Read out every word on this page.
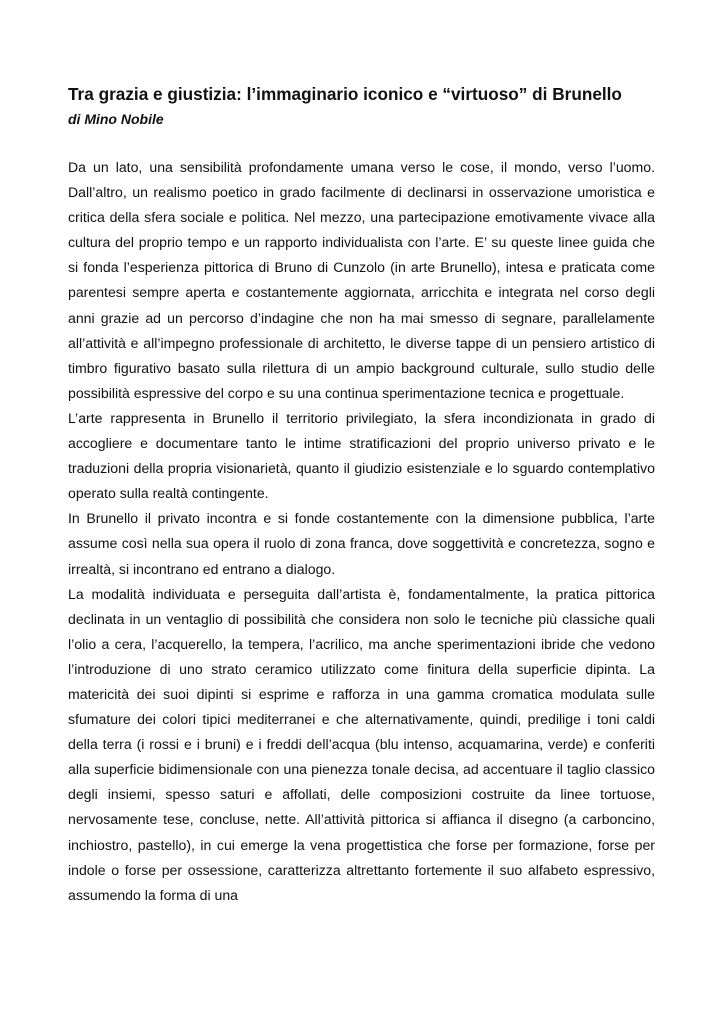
Tra grazia e giustizia: l’immaginario iconico e “virtuoso” di Brunello

di Mino Nobile

Da un lato, una sensibilità profondamente umana verso le cose, il mondo, verso l’uomo. Dall’altro, un realismo poetico in grado facilmente di declinarsi in osservazione umoristica e critica della sfera sociale e politica. Nel mezzo, una partecipazione emotivamente vivace alla cultura del proprio tempo e un rapporto individualista con l’arte. E’ su queste linee guida che si fonda l’esperienza pittorica di Bruno di Cunzolo (in arte Brunello), intesa e praticata come parentesi sempre aperta e costantemente aggiornata, arricchita e integrata nel corso degli anni grazie ad un percorso d’indagine che non ha mai smesso di segnare, parallelamente all’attività e all’impegno professionale di architetto, le diverse tappe di un pensiero artistico di timbro figurativo basato sulla rilettura di un ampio background culturale, sullo studio delle possibilità espressive del corpo e su una continua sperimentazione tecnica e progettuale.

L’arte rappresenta in Brunello il territorio privilegiato, la sfera incondizionata in grado di accogliere e documentare tanto le intime stratificazioni del proprio universo privato e le traduzioni della propria visionarietà, quanto il giudizio esistenziale e lo sguardo contemplativo operato sulla realtà contingente.

In Brunello il privato incontra e si fonde costantemente con la dimensione pubblica, l’arte assume così nella sua opera il ruolo di zona franca, dove soggettività e concretezza, sogno e irrealtà, si incontrano ed entrano a dialogo.

La modalità individuata e perseguita dall’artista è, fondamentalmente, la pratica pittorica declinata in un ventaglio di possibilità che considera non solo le tecniche più classiche quali l’olio a cera, l’acquerello, la tempera, l’acrilico, ma anche sperimentazioni ibride che vedono l’introduzione di uno strato ceramico utilizzato come finitura della superficie dipinta. La matericità dei suoi dipinti si esprime e rafforza in una gamma cromatica modulata sulle sfumature dei colori tipici mediterranei e che alternativamente, quindi, predilige i toni caldi della terra (i rossi e i bruni) e i freddi dell’acqua (blu intenso, acquamarina, verde) e conferiti alla superficie bidimensionale con una pienezza tonale decisa, ad accentuare il taglio classico degli insiemi, spesso saturi e affollati, delle composizioni costruite da linee tortuose, nervosamente tese, concluse, nette. All’attività pittorica si affianca il disegno (a carboncino, inchiostro, pastello), in cui emerge la vena progettistica che forse per formazione, forse per indole o forse per ossessione, caratterizza altrettanto fortemente il suo alfabeto espressivo, assumendo la forma di una
